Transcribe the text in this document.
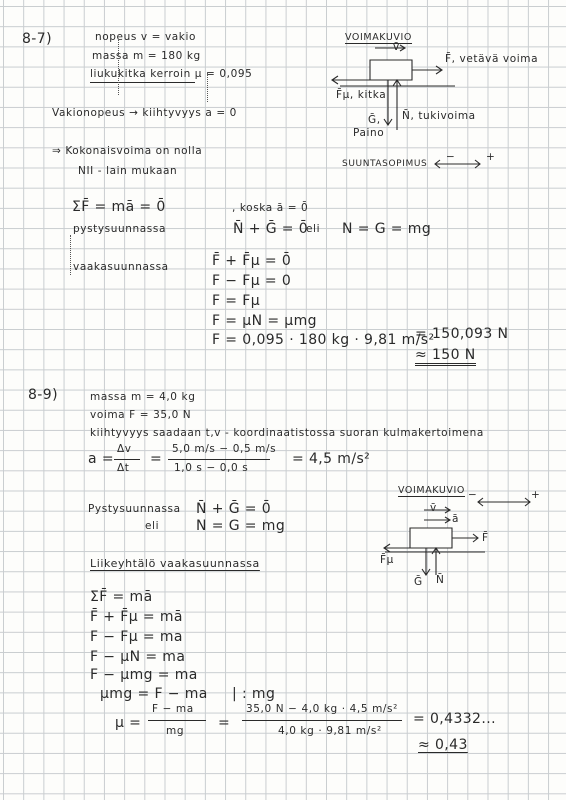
8-7)	nopeus v = vakio
massa m = 180 kg
liukukitka kerroin μ = 0,095
Vakionopeus → kiihtyvyys a = 0
⇒ Kokonaisvoima on nolla
NII - lain mukaan
ΣF̄ = mā = 0̄	, koska ā = 0̄
pystysuunnassa	N̄ + Ḡ = 0̄
eli N = G = mg
vaakasuunnassa	F̄ + F̄μ = 0̄
F − Fμ = 0
F = Fμ
F = μN = μmg
F = 0,095 · 180 kg · 9,81 m/s²
= 150,093 N
≈ 150 N
VOIMAKUVIO
v̄
F̄, vetävä voima
F̄μ, kitka
Ḡ,
Paino
N̄, tukivoima
SUUNTASOPIMUS
−	+
8-9)	massa m = 4,0 kg
voima F = 35,0 N
kiihtyvyys saadaan t,v - koordinaatistossa suoran kulmakertoimena
a =
Δv
Δt
=
5,0 m/s − 0,5 m/s
1,0 s − 0,0 s
= 4,5 m/s²
Pystysuunnassa N̄ + Ḡ = 0̄
eli	N = G = mg
Liikeyhtälö vaakasuunnassa
ΣF̄ = mā
F̄ + F̄μ = mā
F − Fμ = ma
F − μN = ma
F − μmg = ma
μmg = F − ma | : mg
μ =
F − ma
mg =
35,0 N − 4,0 kg · 4,5 m/s²
4,0 kg · 9,81 m/s²
= 0,4332...
≈ 0,43
VOIMAKUVIO −	+
v̄
ā
F̄
F̄μ
Ḡ N̄
